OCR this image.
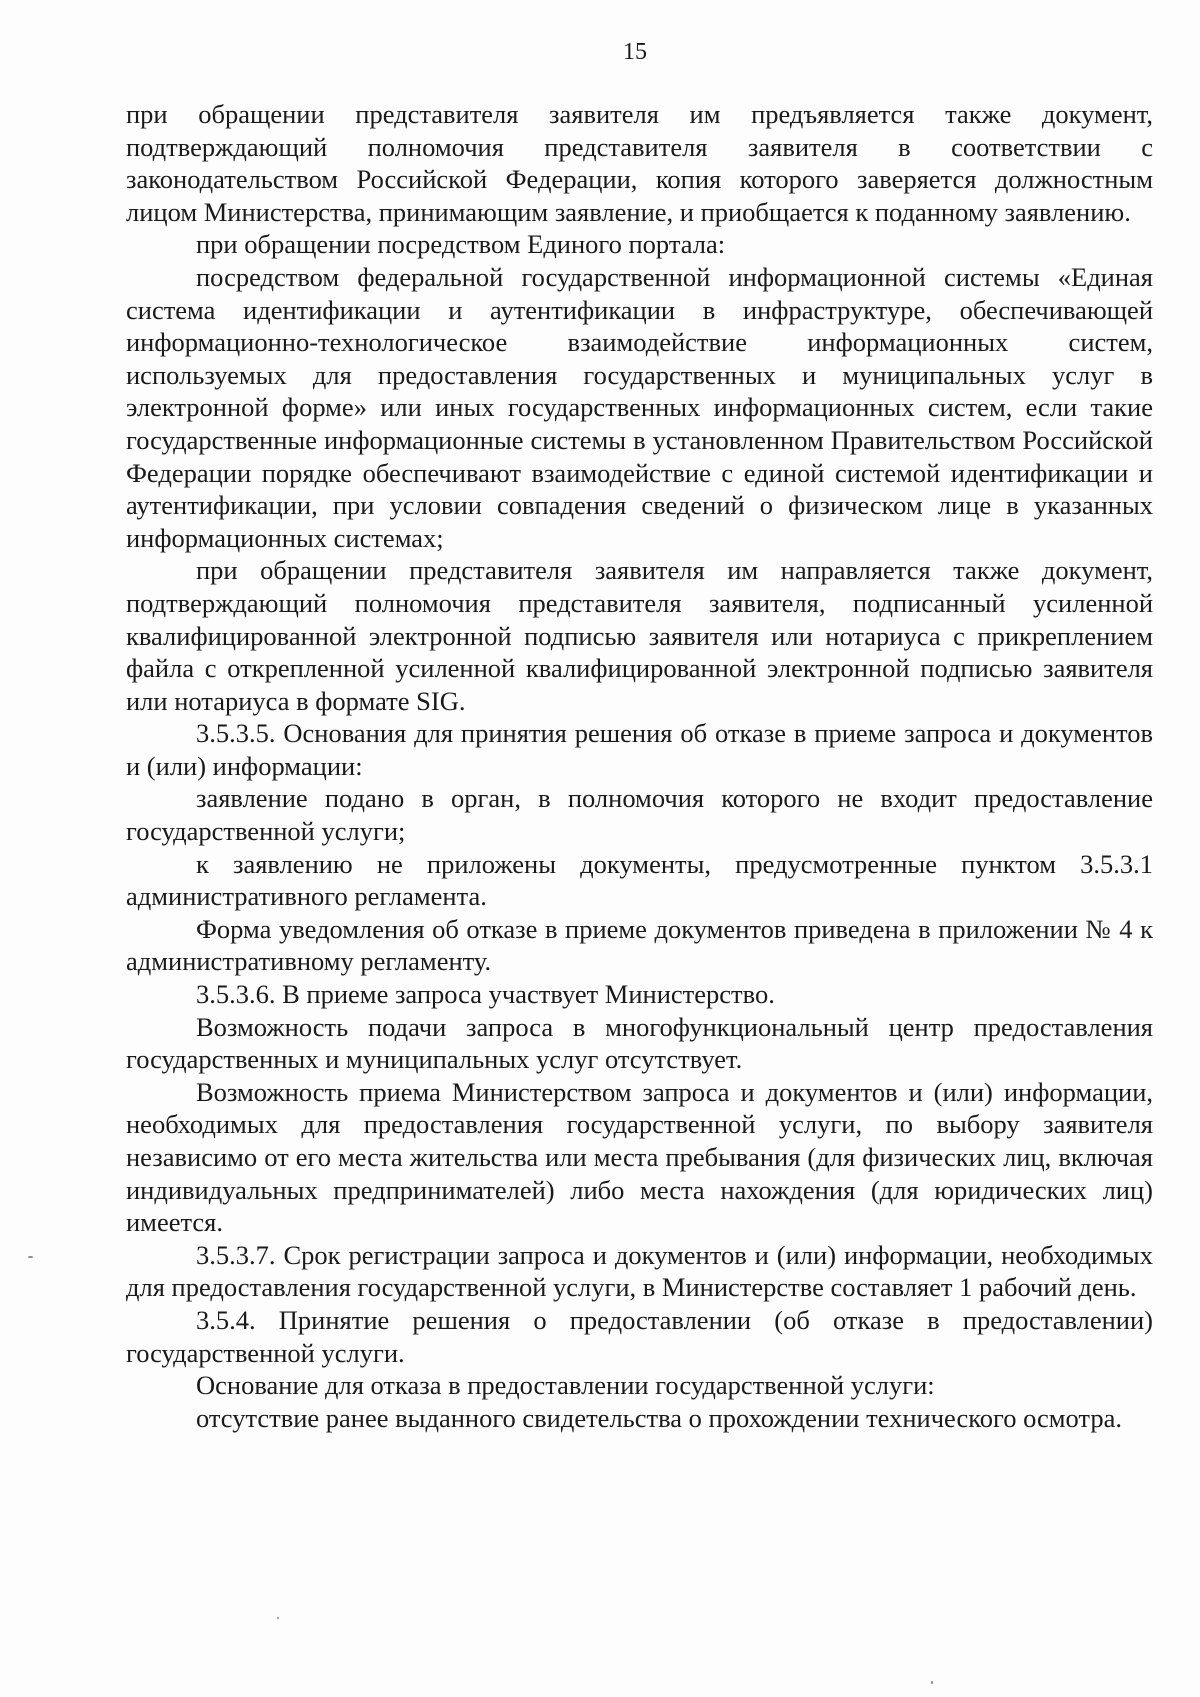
15

при обращении представителя заявителя им предъявляется также документ, подтверждающий полномочия представителя заявителя в соответствии с законодательством Российской Федерации, копия которого заверяется должностным лицом Министерства, принимающим заявление, и приобщается к поданному заявлению.

при обращении посредством Единого портала:

посредством федеральной государственной информационной системы «Единая система идентификации и аутентификации в инфраструктуре, обеспечивающей информационно-технологическое взаимодействие информационных систем, используемых для предоставления государственных и муниципальных услуг в электронной форме» или иных государственных информационных систем, если такие государственные информационные системы в установленном Правительством Российской Федерации порядке обеспечивают взаимодействие с единой системой идентификации и аутентификации, при условии совпадения сведений о физическом лице в указанных информационных системах;

при обращении представителя заявителя им направляется также документ, подтверждающий полномочия представителя заявителя, подписанный усиленной квалифицированной электронной подписью заявителя или нотариуса с прикреплением файла с открепленной усиленной квалифицированной электронной подписью заявителя или нотариуса в формате SIG.

3.5.3.5. Основания для принятия решения об отказе в приеме запроса и документов и (или) информации:

заявление подано в орган, в полномочия которого не входит предоставление государственной услуги;

к заявлению не приложены документы, предусмотренные пунктом 3.5.3.1 административного регламента.

Форма уведомления об отказе в приеме документов приведена в приложении № 4 к административному регламенту.

3.5.3.6. В приеме запроса участвует Министерство.

Возможность подачи запроса в многофункциональный центр предоставления государственных и муниципальных услуг отсутствует.

Возможность приема Министерством запроса и документов и (или) информации, необходимых для предоставления государственной услуги, по выбору заявителя независимо от его места жительства или места пребывания (для физических лиц, включая индивидуальных предпринимателей) либо места нахождения (для юридических лиц) имеется.

3.5.3.7. Срок регистрации запроса и документов и (или) информации, необходимых для предоставления государственной услуги, в Министерстве составляет 1 рабочий день.

3.5.4. Принятие решения о предоставлении (об отказе в предоставлении) государственной услуги.

Основание для отказа в предоставлении государственной услуги:

отсутствие ранее выданного свидетельства о прохождении технического осмотра.
